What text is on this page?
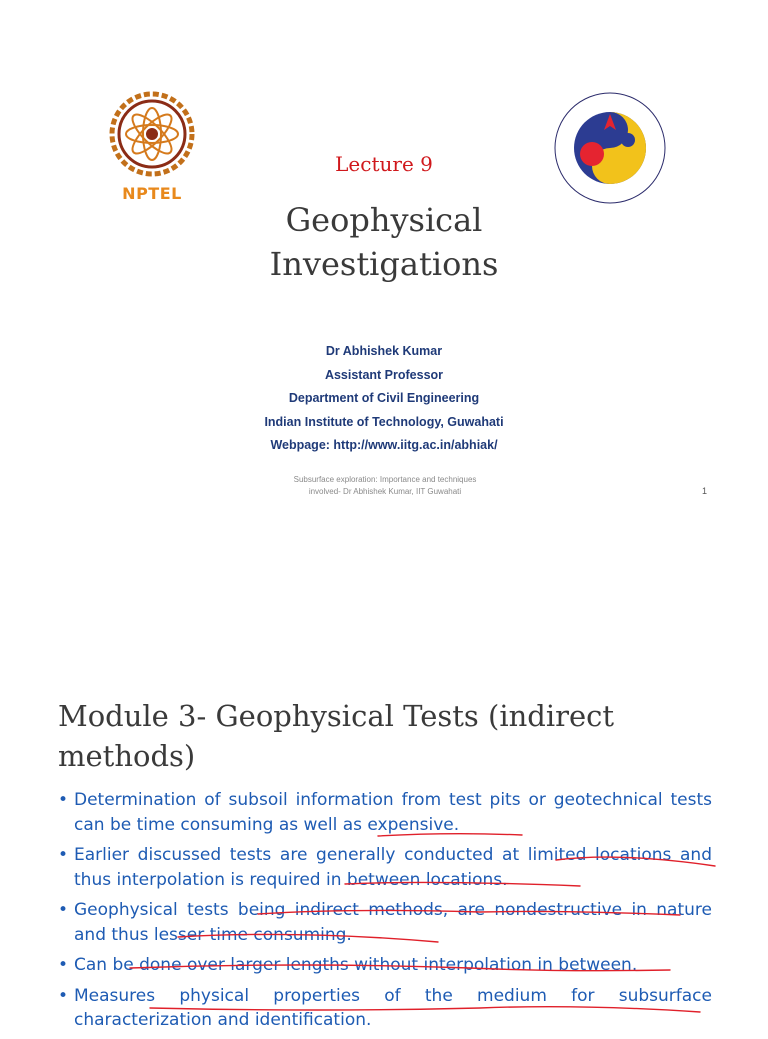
NPTEL
Lecture 9
Geophysical
Investigations
Dr Abhishek Kumar
Assistant Professor
Department of Civil Engineering
Indian Institute of Technology, Guwahati
Webpage: http://www.iitg.ac.in/abhiak/
Subsurface exploration: Importance and techniques
involved- Dr Abhishek Kumar, IIT Guwahati	1
Module 3- Geophysical Tests (indirect methods)
• Determination of subsoil information from test pits or geotechnical tests can be time consuming as well as expensive.
• Earlier discussed tests are generally conducted at limited locations and thus interpolation is required in between locations.
• Geophysical tests being indirect methods, are nondestructive in nature and thus lesser time consuming.
• Can be done over larger lengths without interpolation in between.
• Measures physical properties of the medium for subsurface characterization and identification.
